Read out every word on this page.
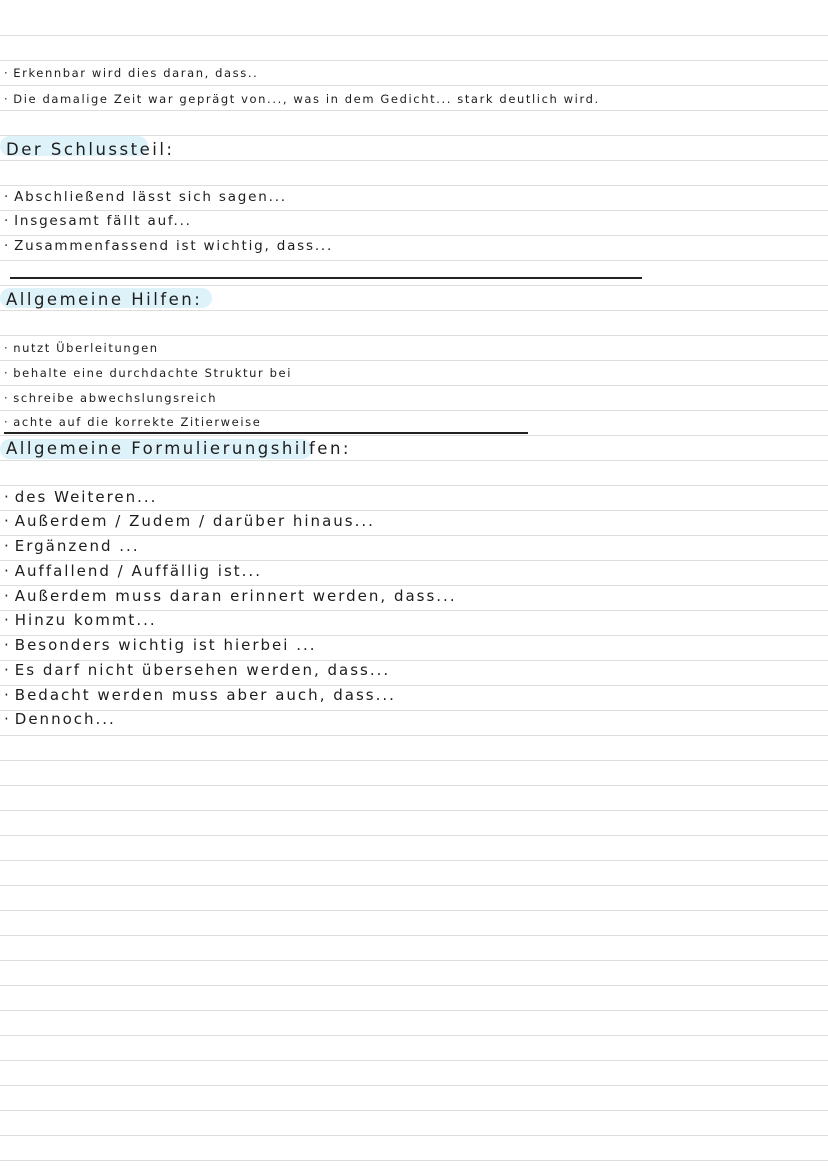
· Erkennbar wird dies daran, dass..
· Die damalige Zeit war geprägt von..., was in dem Gedicht... stark deutlich wird.
Der Schlussteil:
· Abschließend lässt sich sagen...
· Insgesamt fällt auf...
· Zusammenfassend ist wichtig, dass...
Allgemeine Hilfen:
· nutzt Überleitungen
· behalte eine durchdachte Struktur bei
· schreibe abwechslungsreich
· achte auf die korrekte Zitierweise
Allgemeine Formulierungshilfen:
· des Weiteren...
· Außerdem / Zudem / darüber hinaus...
· Ergänzend ...
· Auffallend / Auffällig ist...
· Außerdem muss daran erinnert werden, dass...
· Hinzu kommt...
· Besonders wichtig ist hierbei ...
· Es darf nicht übersehen werden, dass...
· Bedacht werden muss aber auch, dass...
· Dennoch...
